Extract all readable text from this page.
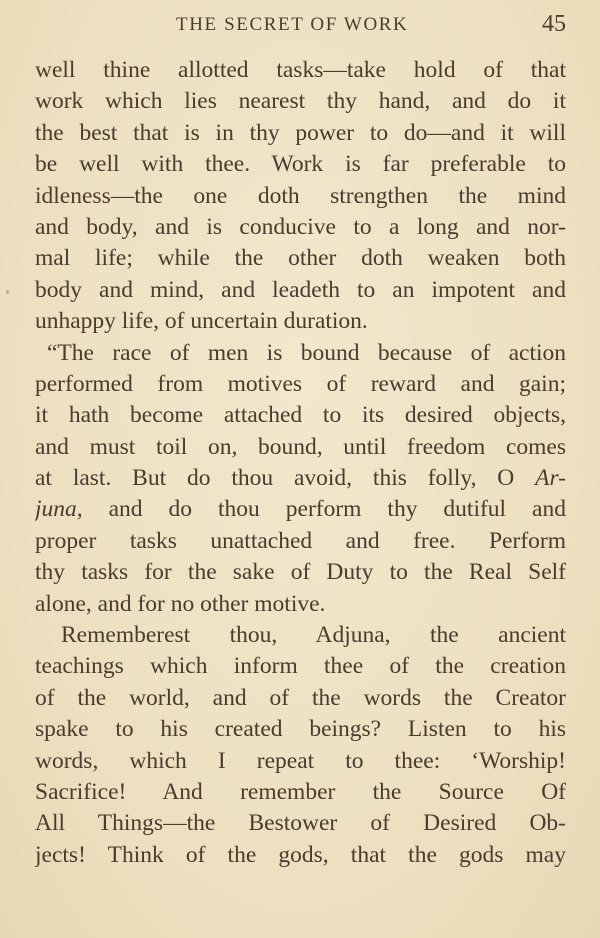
THE SECRET OF WORK	45
well thine allotted tasks—take hold of that
work which lies nearest thy hand, and do it
the best that is in thy power to do—and it will
be well with thee. Work is far preferable to
idleness—the one doth strengthen the mind
and body, and is conducive to a long and nor-
mal life; while the other doth weaken both
body and mind, and leadeth to an impotent and
unhappy life, of uncertain duration.
“The race of men is bound because of action
performed from motives of reward and gain;
it hath become attached to its desired objects,
and must toil on, bound, until freedom comes
at last. But do thou avoid, this folly, O Ar-
juna, and do thou perform thy dutiful and
proper tasks unattached and free. Perform
thy tasks for the sake of Duty to the Real Self
alone, and for no other motive.
Rememberest thou, Adjuna, the ancient
teachings which inform thee of the creation
of the world, and of the words the Creator
spake to his created beings? Listen to his
words, which I repeat to thee: ‘Worship!
Sacrifice! And remember the Source Of
All Things—the Bestower of Desired Ob-
jects! Think of the gods, that the gods may
